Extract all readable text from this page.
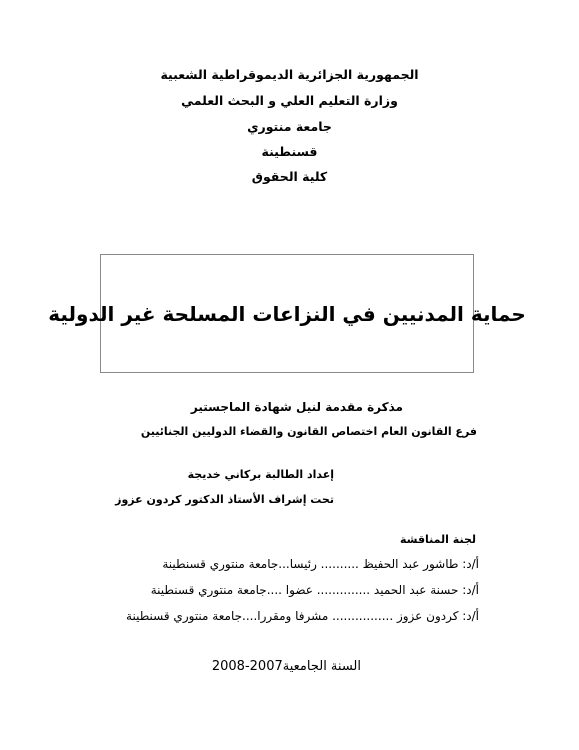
الجمهورية الجزائرية الديموقراطية الشعبية
وزارة التعليم العلي و البحث العلمي
جامعة منتوري
قسنطينة
كلية الحقوق
حماية المدنيين في النزاعات المسلحة غير الدولية
مذكرة مقدمة لنيل شهادة الماجستير
فرع القانون العام اختصاص القانون والقضاء الدوليين الجنائيين
إعداد الطالبة بركاني خديجة
تحت إشراف الأستاذ الدكتور كردون عزوز
لجنة المناقشة
أ/د: طاشور عبد الحفيظ .......... رئيسا...جامعة منتوري قسنطينة
أ/د: حسنة عبد الحميد .............. عضوا ....جامعة منتوري قسنطينة
أ/د: كردون عزوز ................ مشرفا ومقررا....جامعة منتوري قسنطينة
السنة الجامعية2007-2008
